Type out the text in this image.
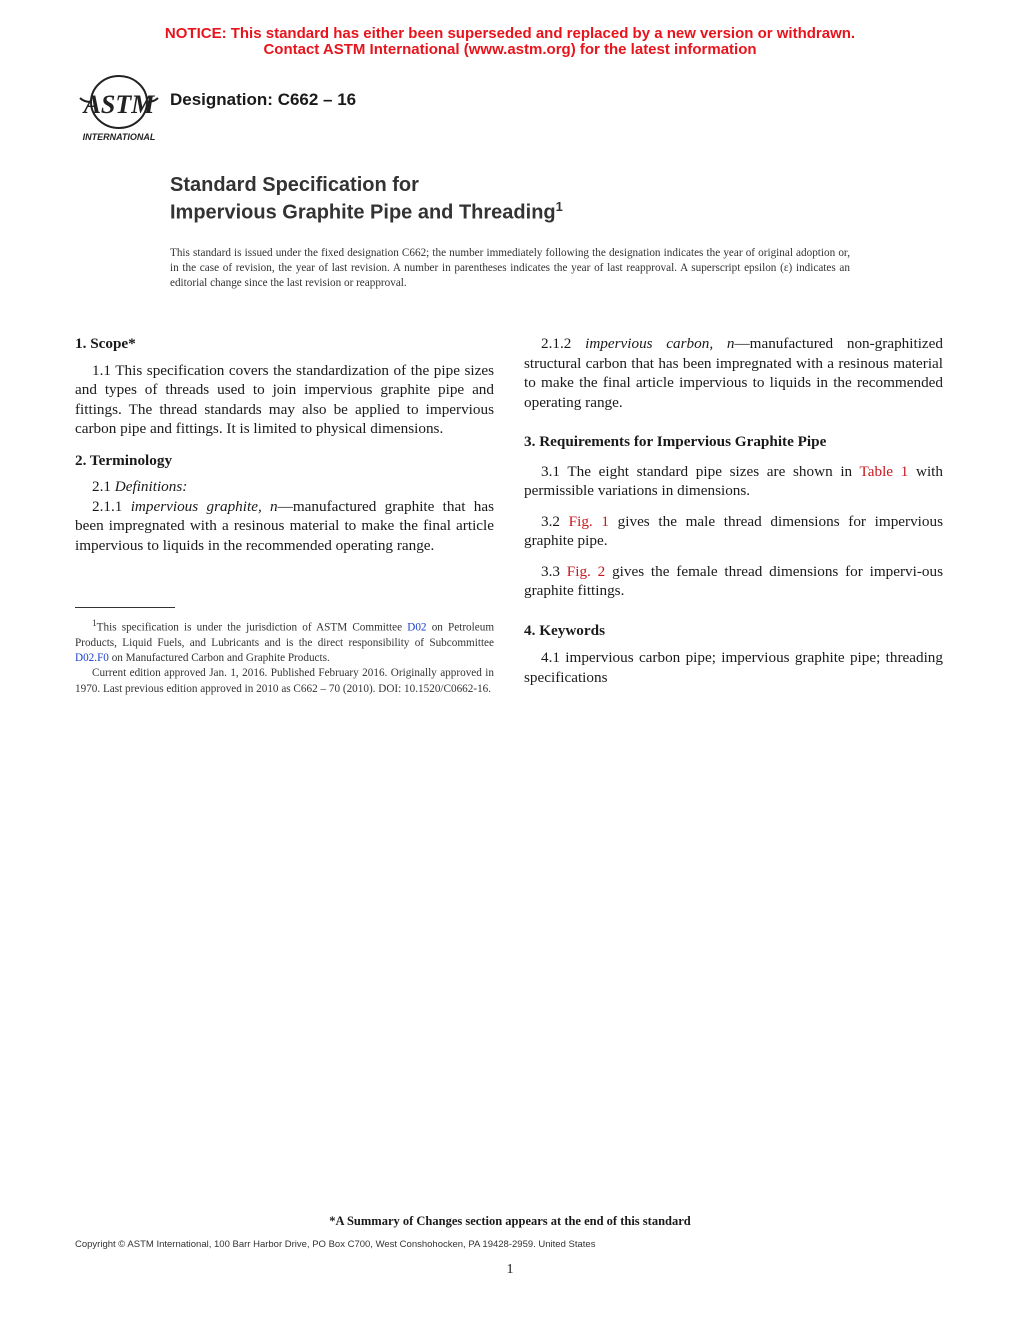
NOTICE: This standard has either been superseded and replaced by a new version or withdrawn.
Contact ASTM International (www.astm.org) for the latest information
ASTM
INTERNATIONAL
Designation: C662 – 16
Standard Specification for
Impervious Graphite Pipe and Threading$^1$
This standard is issued under the fixed designation C662; the number immediately following the designation indicates the year of original adoption or, in the case of revision, the year of last revision. A number in parentheses indicates the year of last reapproval. A superscript epsilon (ε) indicates an editorial change since the last revision or reapproval.

1. Scope*

1.1 This specification covers the standardization of the pipe sizes and types of threads used to join impervious graphite pipe and fittings. The thread standards may also be applied to impervious carbon pipe and fittings. It is limited to physical dimensions.

2. Terminology

2.1 Definitions:

2.1.1 impervious graphite, n—manufactured graphite that has been impregnated with a resinous material to make the final article impervious to liquids in the recommended operating range.

$^1$This specification is under the jurisdiction of ASTM Committee D02 on Petroleum Products, Liquid Fuels, and Lubricants and is the direct responsibility of Subcommittee D02.F0 on Manufactured Carbon and Graphite Products.

Current edition approved Jan. 1, 2016. Published February 2016. Originally approved in 1970. Last previous edition approved in 2010 as C662 – 70 (2010). DOI: 10.1520/C0662-16.

2.1.2 impervious carbon, n—manufactured non-graphitized structural carbon that has been impregnated with a resinous material to make the final article impervious to liquids in the recommended operating range.

3. Requirements for Impervious Graphite Pipe

3.1 The eight standard pipe sizes are shown in Table 1 with permissible variations in dimensions.

3.2 Fig. 1 gives the male thread dimensions for impervious graphite pipe.

3.3 Fig. 2 gives the female thread dimensions for impervi-ous graphite fittings.

4. Keywords

4.1 impervious carbon pipe; impervious graphite pipe; threading specifications

*A Summary of Changes section appears at the end of this standard
Copyright © ASTM International, 100 Barr Harbor Drive, PO Box C700, West Conshohocken, PA 19428-2959. United States
1
